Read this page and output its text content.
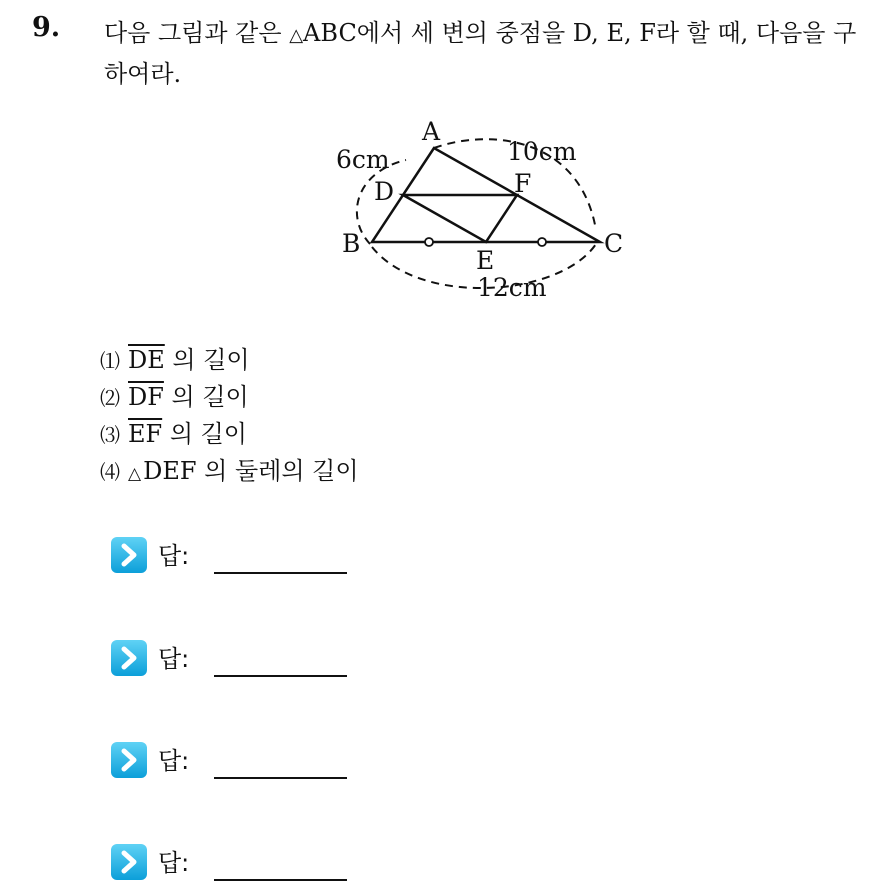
9. 다음 그림과 같은 △ABC에서 세 변의 중점을 D, E, F라 할 때, 다음을 구하여라.
A
B	C
D
E
F
6cm	10cm
12cm
⑴ $\overline{DE}$ 의 길이
⑵ $\overline{DF}$ 의 길이
⑶ $\overline{EF}$ 의 길이
⑷ △DEF 의 둘레의 길이
답:
답:
답:
답:
